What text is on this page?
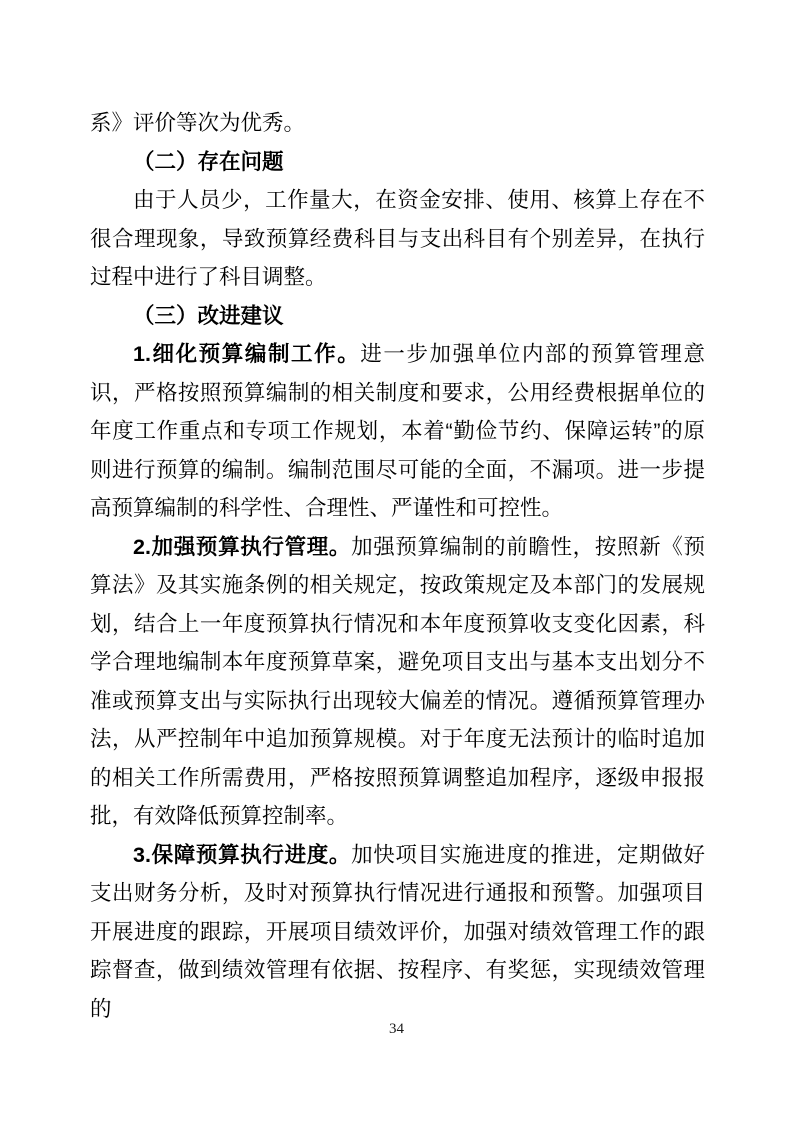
系》评价等次为优秀。

（二）存在问题

由于人员少，工作量大，在资金安排、使用、核算上存在不很合理现象，导致预算经费科目与支出科目有个别差异，在执行过程中进行了科目调整。

（三）改进建议

1.细化预算编制工作。进一步加强单位内部的预算管理意识，严格按照预算编制的相关制度和要求，公用经费根据单位的年度工作重点和专项工作规划，本着“勤俭节约、保障运转”的原则进行预算的编制。编制范围尽可能的全面，不漏项。进一步提高预算编制的科学性、合理性、严谨性和可控性。

2.加强预算执行管理。加强预算编制的前瞻性，按照新《预算法》及其实施条例的相关规定，按政策规定及本部门的发展规划，结合上一年度预算执行情况和本年度预算收支变化因素，科学合理地编制本年度预算草案，避免项目支出与基本支出划分不准或预算支出与实际执行出现较大偏差的情况。遵循预算管理办法，从严控制年中追加预算规模。对于年度无法预计的临时追加的相关工作所需费用，严格按照预算调整追加程序，逐级申报报批，有效降低预算控制率。

3.保障预算执行进度。加快项目实施进度的推进，定期做好支出财务分析，及时对预算执行情况进行通报和预警。加强项目开展进度的跟踪，开展项目绩效评价，加强对绩效管理工作的跟踪督查，做到绩效管理有依据、按程序、有奖惩，实现绩效管理的

34
